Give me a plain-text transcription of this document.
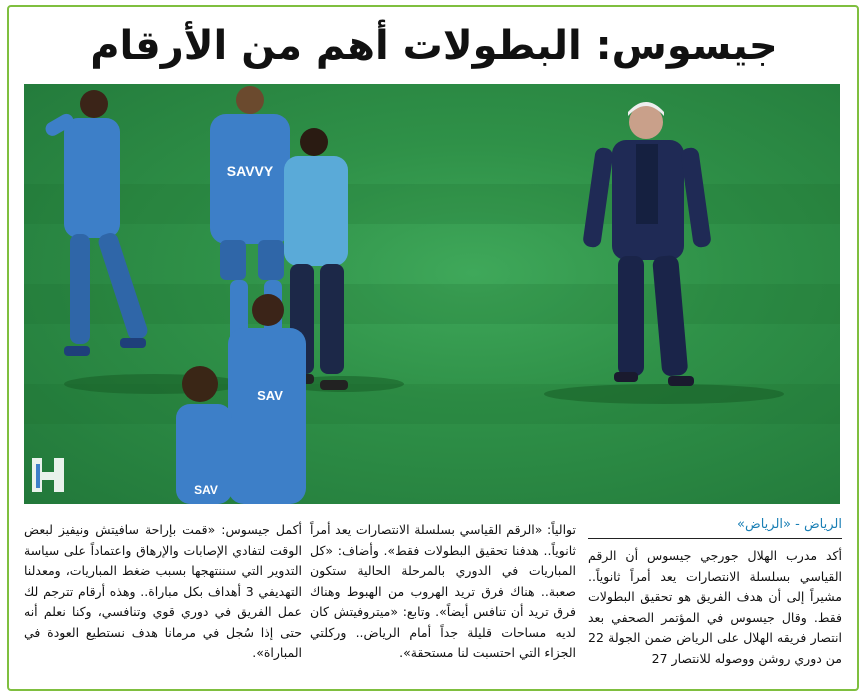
جيسوس: البطولات أهم من الأرقام
SAVVY
SAV
SAV
الرياض - «الرياض»

أكد مدرب الهلال جورجي جيسوس أن الرقم القياسي بسلسلة الانتصارات يعد أمراً ثانوياً.. مشيراً إلى أن هدف الفريق هو تحقيق البطولات فقط. وقال جيسوس في المؤتمر الصحفي بعد انتصار فريقه الهلال على الرياض ضمن الجولة 22 من دوري روشن ووصوله للانتصار 27

توالياً: «الرقم القياسي بسلسلة الانتصارات يعد أمراً ثانوياً.. هدفنا تحقيق البطولات فقط». وأضاف: «كل المباريات في الدوري بالمرحلة الحالية ستكون صعبة.. هناك فرق تريد الهروب من الهبوط وهناك فرق تريد أن تنافس أيضاً». وتابع: «ميتروفيتش كان لديه مساحات قليلة جداً أمام الرياض.. وركلتي الجزاء التي احتسبت لنا مستحقة».

أكمل جيسوس: «قمت بإراحة سافيتش ونيفيز لبعض الوقت لتفادي الإصابات والإرهاق واعتماداً على سياسة التدوير التي سننتهجها بسبب ضغط المباريات، ومعدلنا التهديفي 3 أهداف بكل مباراة.. وهذه أرقام تترجم لك عمل الفريق في دوري قوي وتنافسي، وكنا نعلم أنه حتى إذا سُجل في مرمانا هدف نستطيع العودة في المباراة».
